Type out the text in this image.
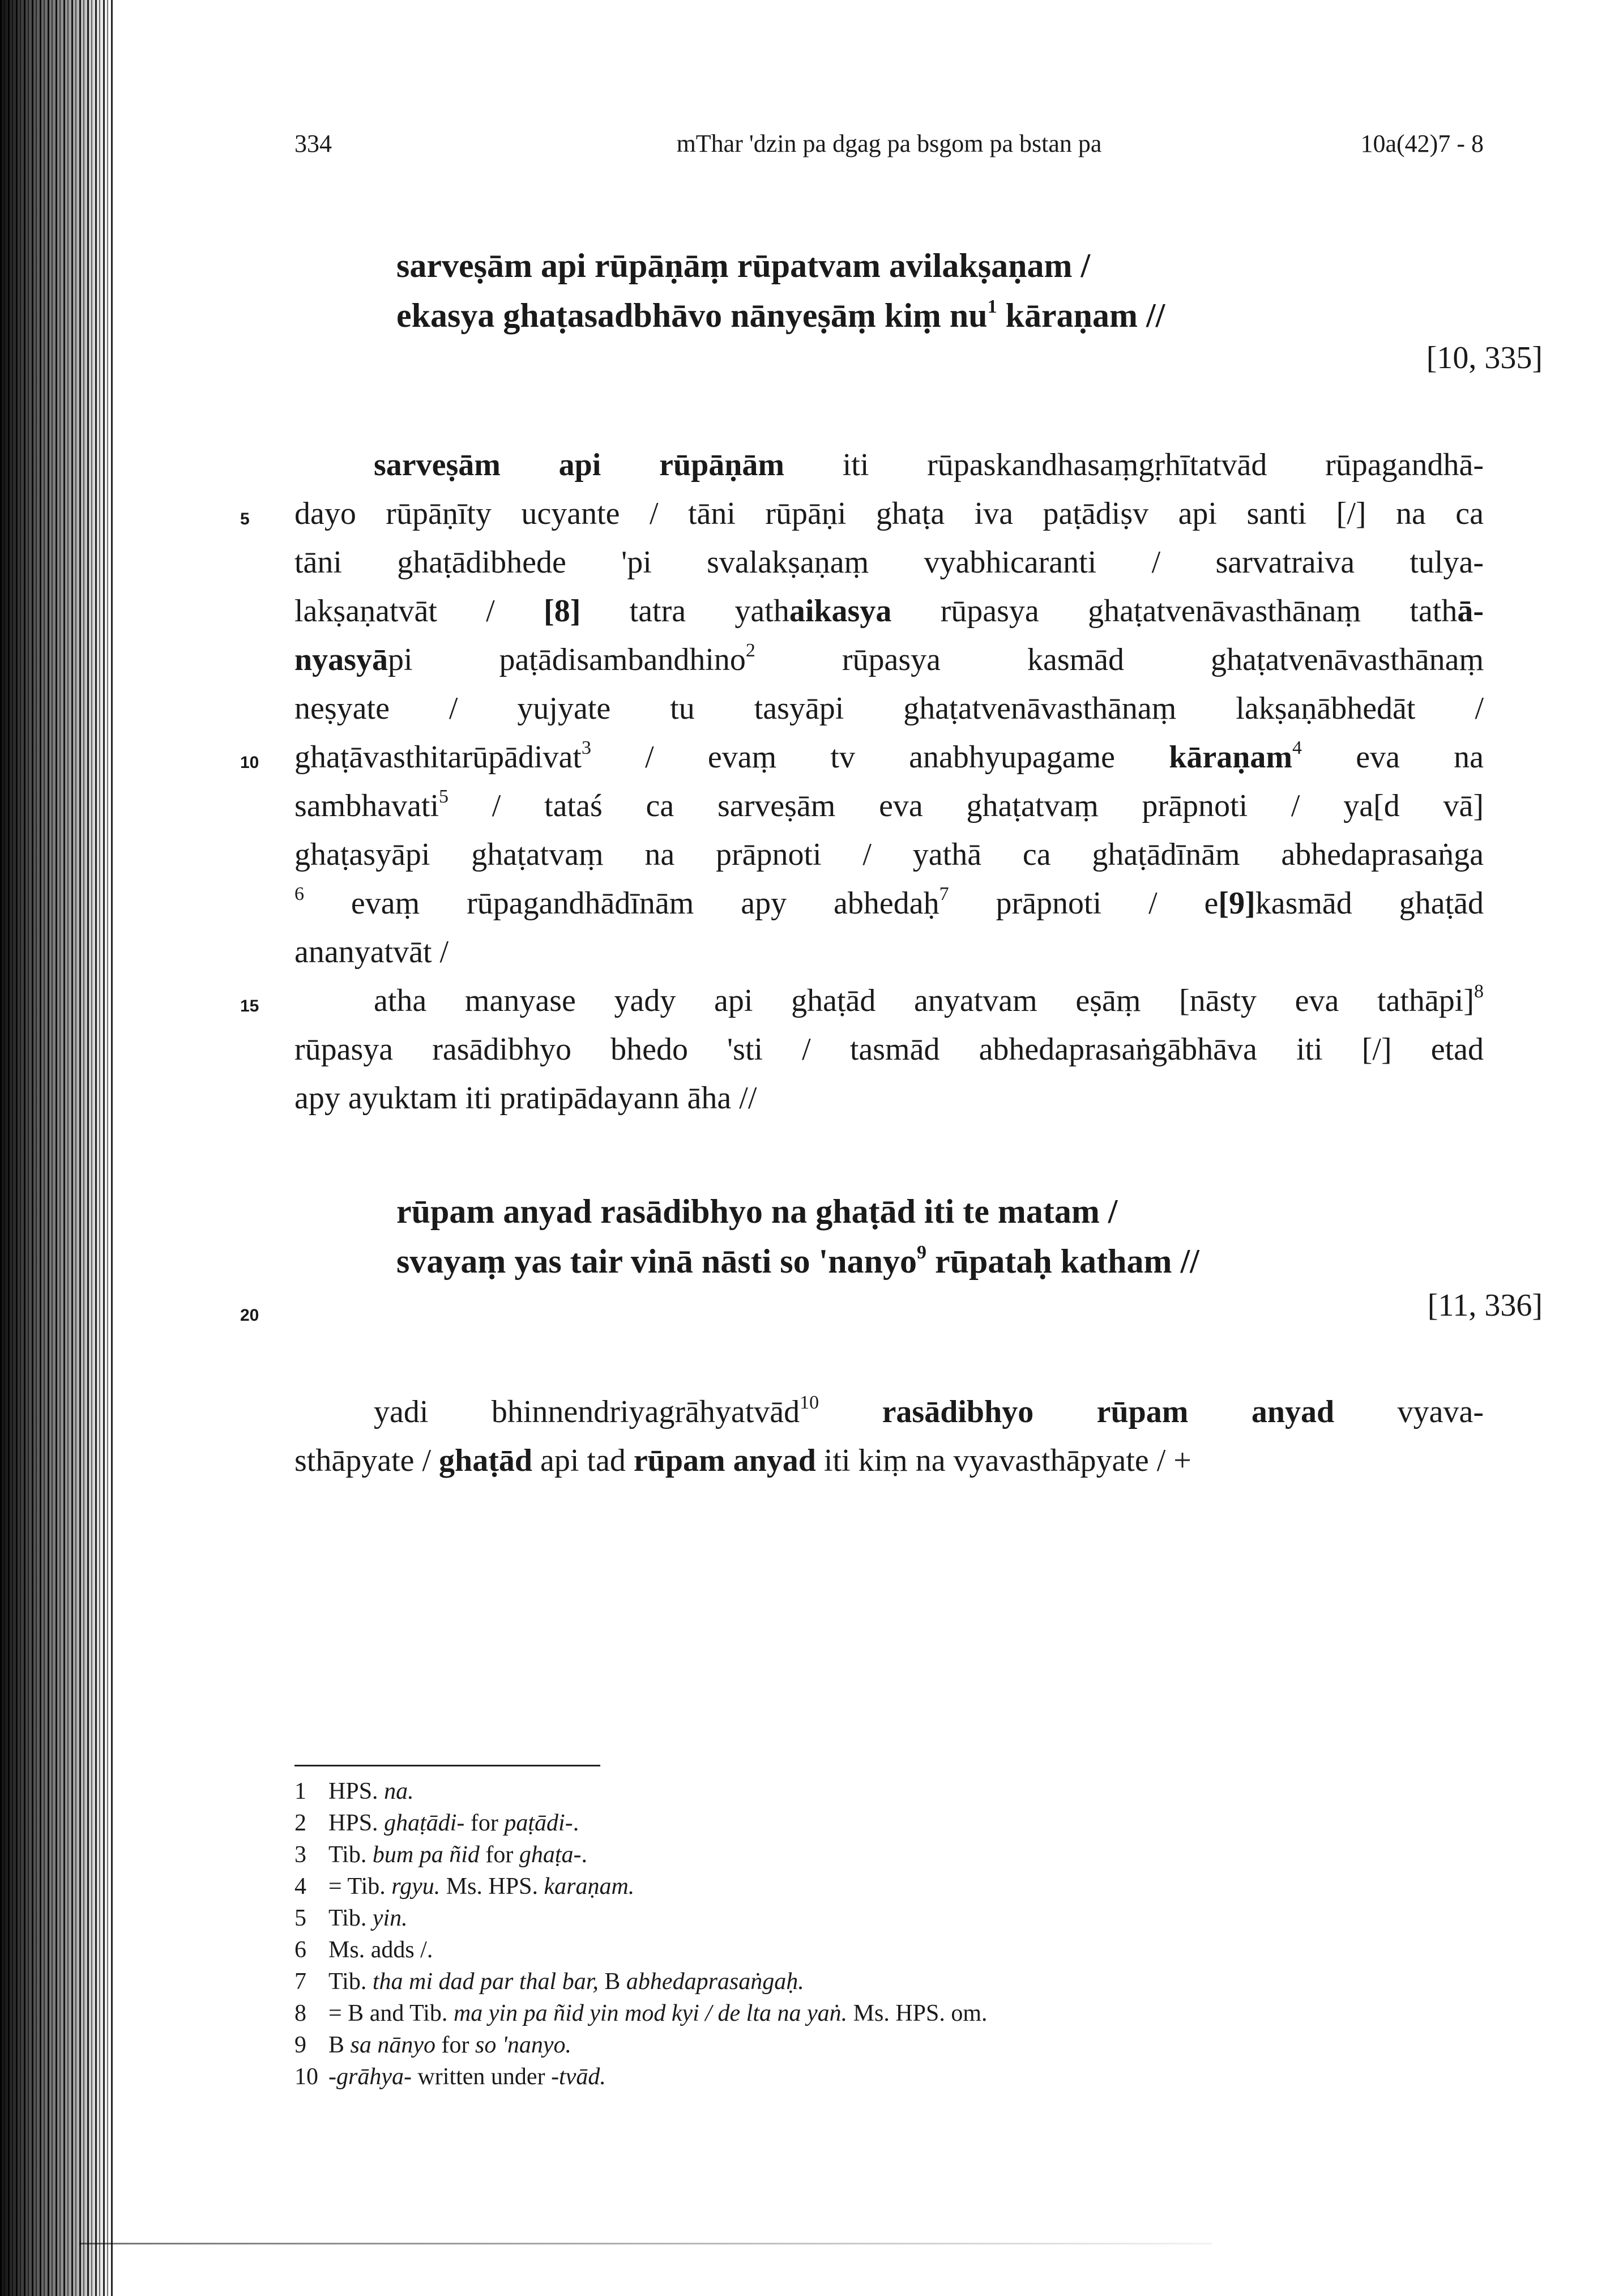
334	mThar 'dzin pa dgag pa bsgom pa bstan pa	10a(42)7 - 8
sarveṣām api rūpāṇāṃ rūpatvam avilakṣaṇam /
ekasya ghaṭasadbhāvo nānyeṣāṃ kiṃ $nu^1$ kāraṇam //
[10, 335]
sarveṣām api rūpāṇām iti rūpaskandhasaṃgṛhītatvād rūpagandhā-
dayo rūpāṇīty ucyante / tāni rūpāṇi ghaṭa iva paṭādiṣv api santi [/] na ca
tāni ghaṭādibhede 'pi svalakṣaṇaṃ vyabhicaranti / sarvatraiva tulya-
lakṣaṇatvāt / [8] tatra yathaikasya rūpasya ghaṭatvenāvasthānaṃ tathā-
nyasyāpi paṭādisambandhino$^2$ rūpasya kasmād ghaṭatvenāvasthānaṃ
neṣyate / yujyate tu tasyāpi ghaṭatvenāvasthānaṃ lakṣaṇābhedāt /
ghaṭāvasthitarūpādivat$^3$ / evaṃ tv anabhyupagame kāraṇam$^4$ eva na
sambhavati$^5$ / tataś ca sarveṣām eva ghaṭatvaṃ prāpnoti / ya[d vā]
ghaṭasyāpi ghaṭatvaṃ na prāpnoti / yathā ca ghaṭādīnām abhedaprasaṅga
$^6$ evaṃ rūpagandhādīnām apy abhedaḥ$^7$ prāpnoti / e[9]kasmād ghaṭād
ananyatvāt /
atha manyase yady api ghaṭād anyatvam eṣāṃ [nāsty eva tathāpi]$^8$
rūpasya rasādibhyo bhedo 'sti / tasmād abhedaprasaṅgābhāva iti [/] etad
apy ayuktam iti pratipādayann āha //
rūpam anyad rasādibhyo na ghaṭād iti te matam /
svayaṃ yas tair vinā nāsti so 'nanyo$^9$ rūpataḥ katham //
[11, 336]
yadi bhinnendriyagrāhyatvād$^{10}$ rasādibhyo rūpam anyad vyava-
sthāpyate / ghaṭād api tad rūpam anyad iti kiṃ na vyavasthāpyate / +
5
10
15
20
1 HPS. na.
2 HPS. ghaṭādi- for paṭādi-.
3 Tib. bum pa ñid for ghaṭa-.
4 = Tib. rgyu. Ms. HPS. karaṇam.
5 Tib. yin.
6 Ms. adds /.
7 Tib. tha mi dad par thal bar, B abhedaprasaṅgaḥ.
8 = B and Tib. ma yin pa ñid yin mod kyi / de lta na yaṅ. Ms. HPS. om.
9 B sa nānyo for so 'nanyo.
10 -grāhya- written under -tvād.
